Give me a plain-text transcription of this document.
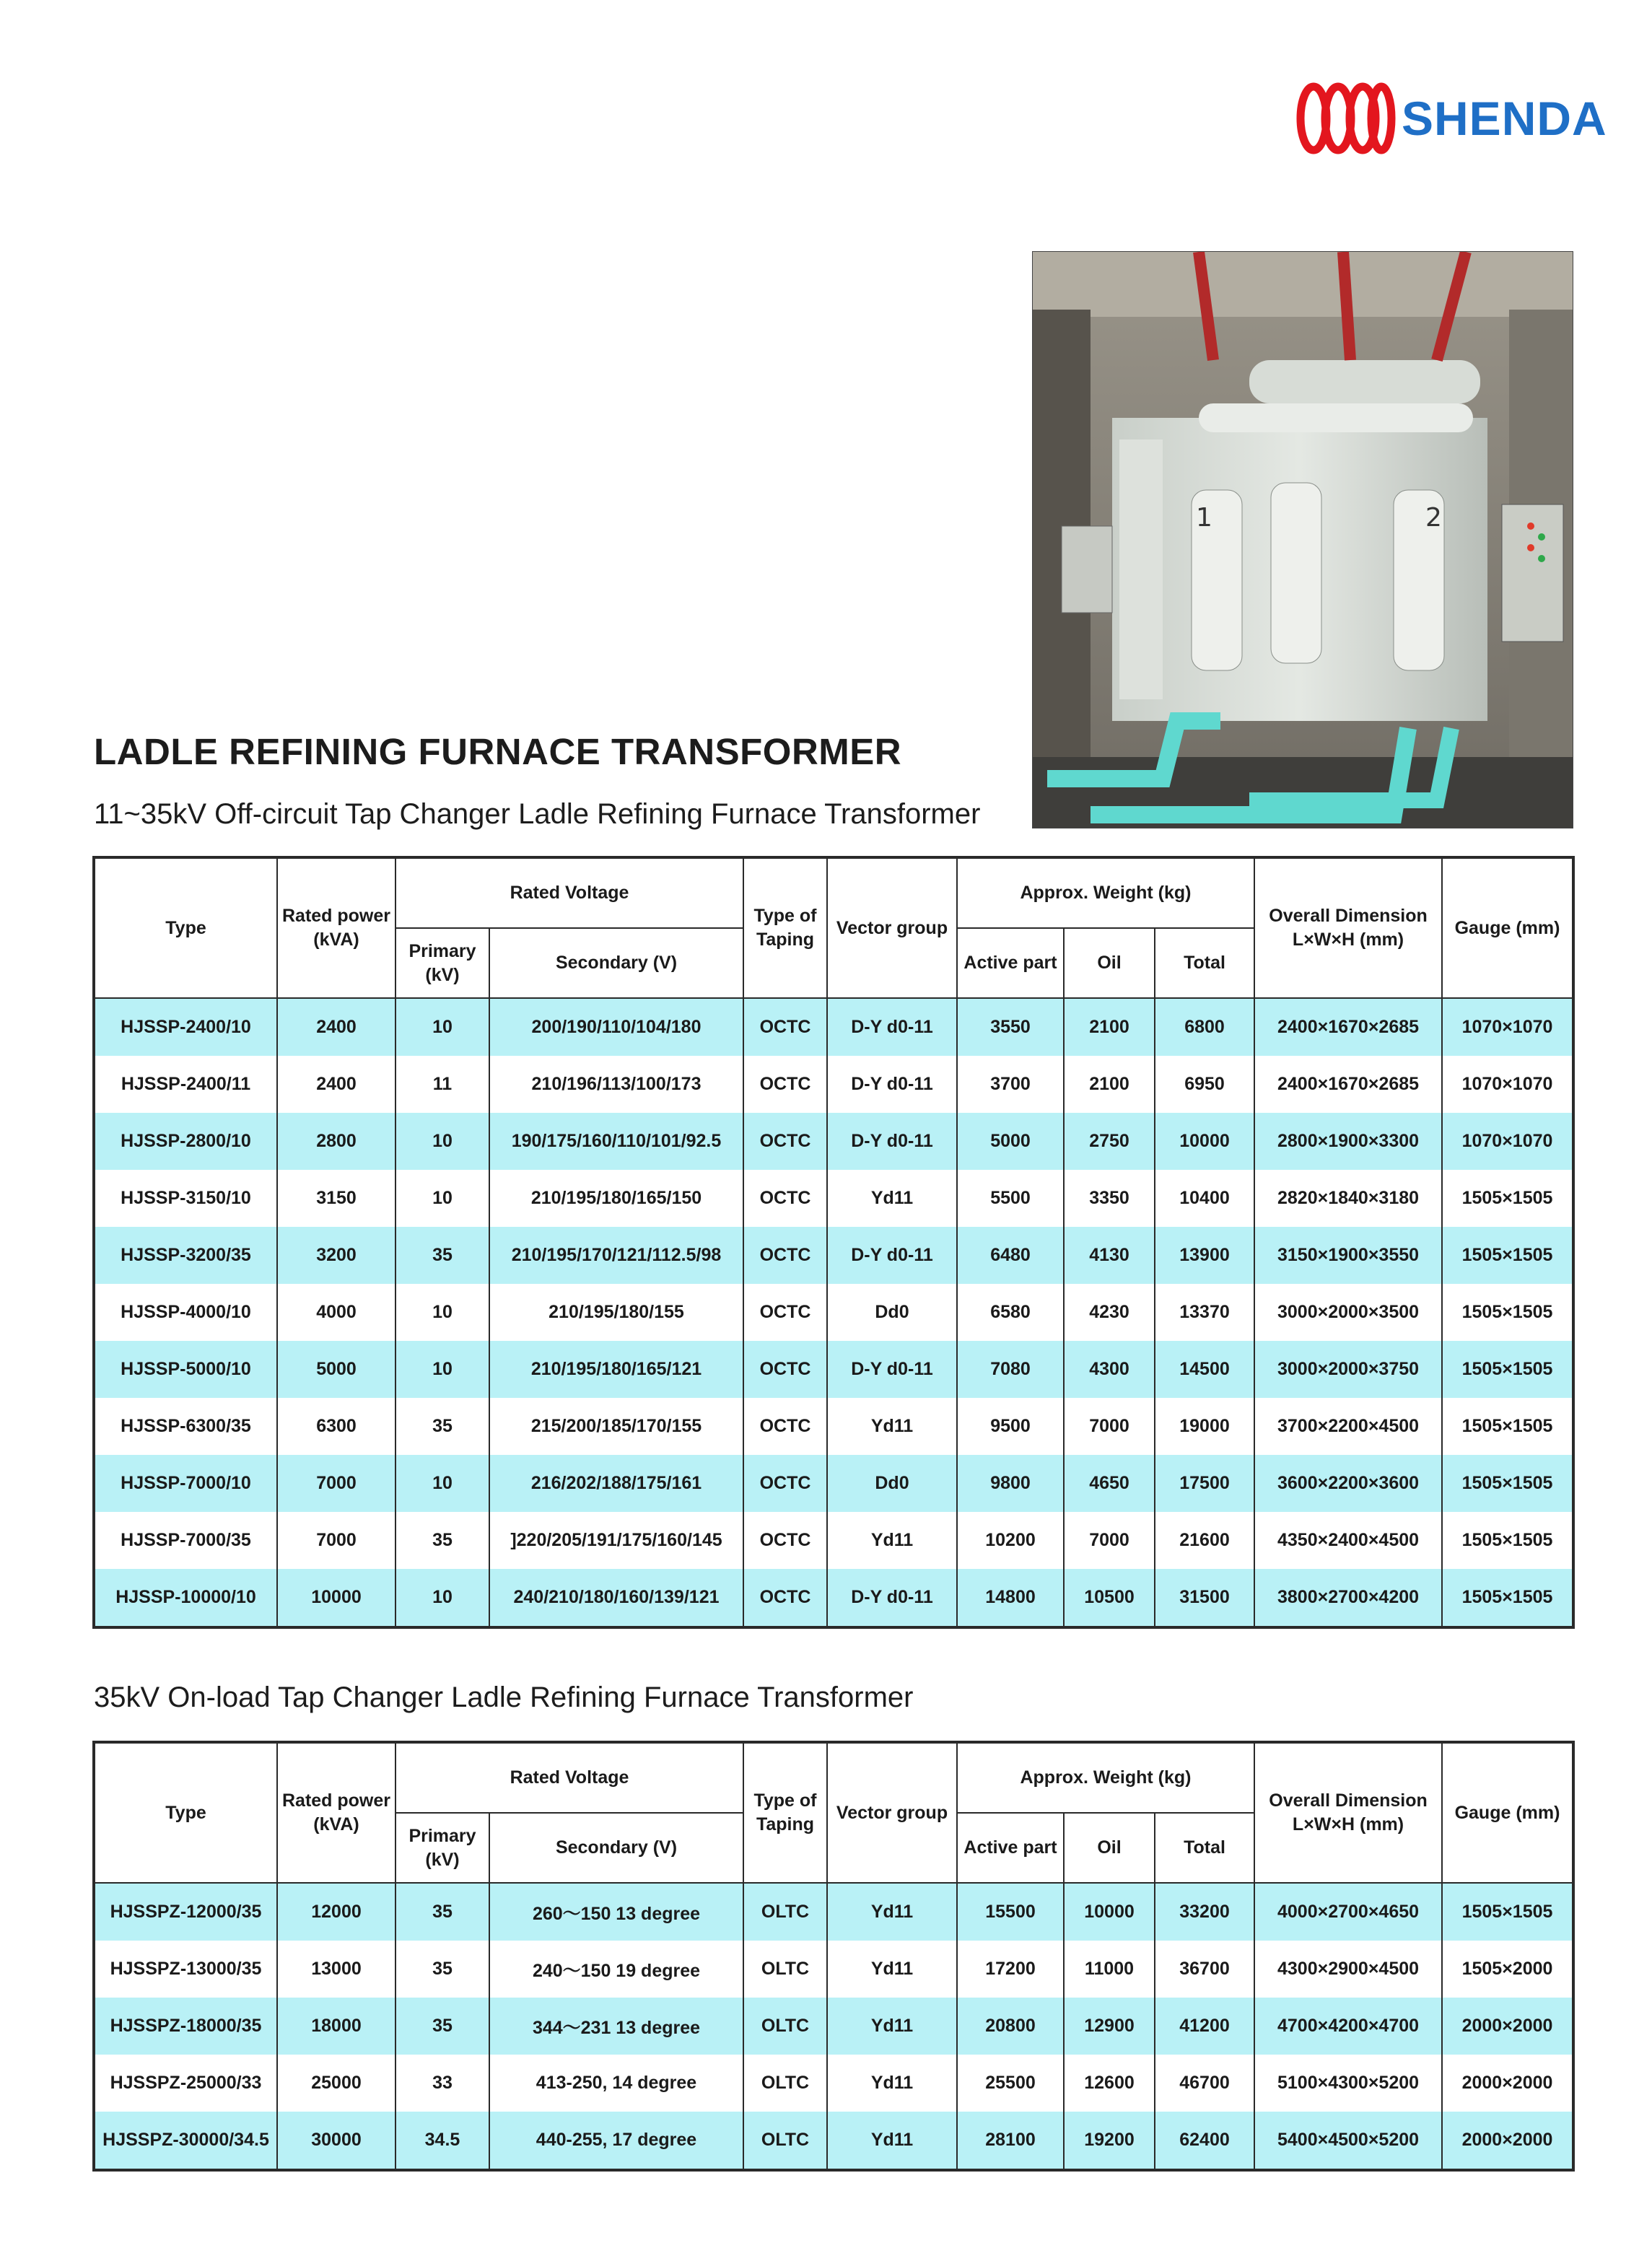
SHENDA
1	2
LADLE REFINING FURNACE TRANSFORMER
11~35kV Off-circuit Tap Changer Ladle Refining Furnace Transformer
Type	Rated power (kVA)	Rated Voltage		Type of Taping	Vector group	Approx. Weight (kg)			Overall Dimension L×W×H (mm)	Gauge (mm)
		Primary (kV)	Secondary (V)			Active part	Oil	Total		
HJSSP-2400/10	2400	10	200/190/110/104/180	OCTC	D-Y d0-11	3550	2100	6800	2400×1670×2685	1070×1070
HJSSP-2400/11	2400	11	210/196/113/100/173	OCTC	D-Y d0-11	3700	2100	6950	2400×1670×2685	1070×1070
HJSSP-2800/10	2800	10	190/175/160/110/101/92.5	OCTC	D-Y d0-11	5000	2750	10000	2800×1900×3300	1070×1070
HJSSP-3150/10	3150	10	210/195/180/165/150	OCTC	Yd11	5500	3350	10400	2820×1840×3180	1505×1505
HJSSP-3200/35	3200	35	210/195/170/121/112.5/98	OCTC	D-Y d0-11	6480	4130	13900	3150×1900×3550	1505×1505
HJSSP-4000/10	4000	10	210/195/180/155	OCTC	Dd0	6580	4230	13370	3000×2000×3500	1505×1505
HJSSP-5000/10	5000	10	210/195/180/165/121	OCTC	D-Y d0-11	7080	4300	14500	3000×2000×3750	1505×1505
HJSSP-6300/35	6300	35	215/200/185/170/155	OCTC	Yd11	9500	7000	19000	3700×2200×4500	1505×1505
HJSSP-7000/10	7000	10	216/202/188/175/161	OCTC	Dd0	9800	4650	17500	3600×2200×3600	1505×1505
HJSSP-7000/35	7000	35	]220/205/191/175/160/145	OCTC	Yd11	10200	7000	21600	4350×2400×4500	1505×1505
HJSSP-10000/10	10000	10	240/210/180/160/139/121	OCTC	D-Y d0-11	14800	10500	31500	3800×2700×4200	1505×1505
35kV On-load Tap Changer Ladle Refining Furnace Transformer
Type	Rated power (kVA)	Rated Voltage		Type of Taping	Vector group	Approx. Weight (kg)			Overall Dimension L×W×H (mm)	Gauge (mm)
		Primary (kV)	Secondary (V)			Active part	Oil	Total		
HJSSPZ-12000/35	12000	35	260～150 13 degree	OLTC	Yd11	15500	10000	33200	4000×2700×4650	1505×1505
HJSSPZ-13000/35	13000	35	240～150 19 degree	OLTC	Yd11	17200	11000	36700	4300×2900×4500	1505×2000
HJSSPZ-18000/35	18000	35	344～231 13 degree	OLTC	Yd11	20800	12900	41200	4700×4200×4700	2000×2000
HJSSPZ-25000/33	25000	33	413-250, 14 degree	OLTC	Yd11	25500	12600	46700	5100×4300×5200	2000×2000
HJSSPZ-30000/34.5	30000	34.5	440-255, 17 degree	OLTC	Yd11	28100	19200	62400	5400×4500×5200	2000×2000
